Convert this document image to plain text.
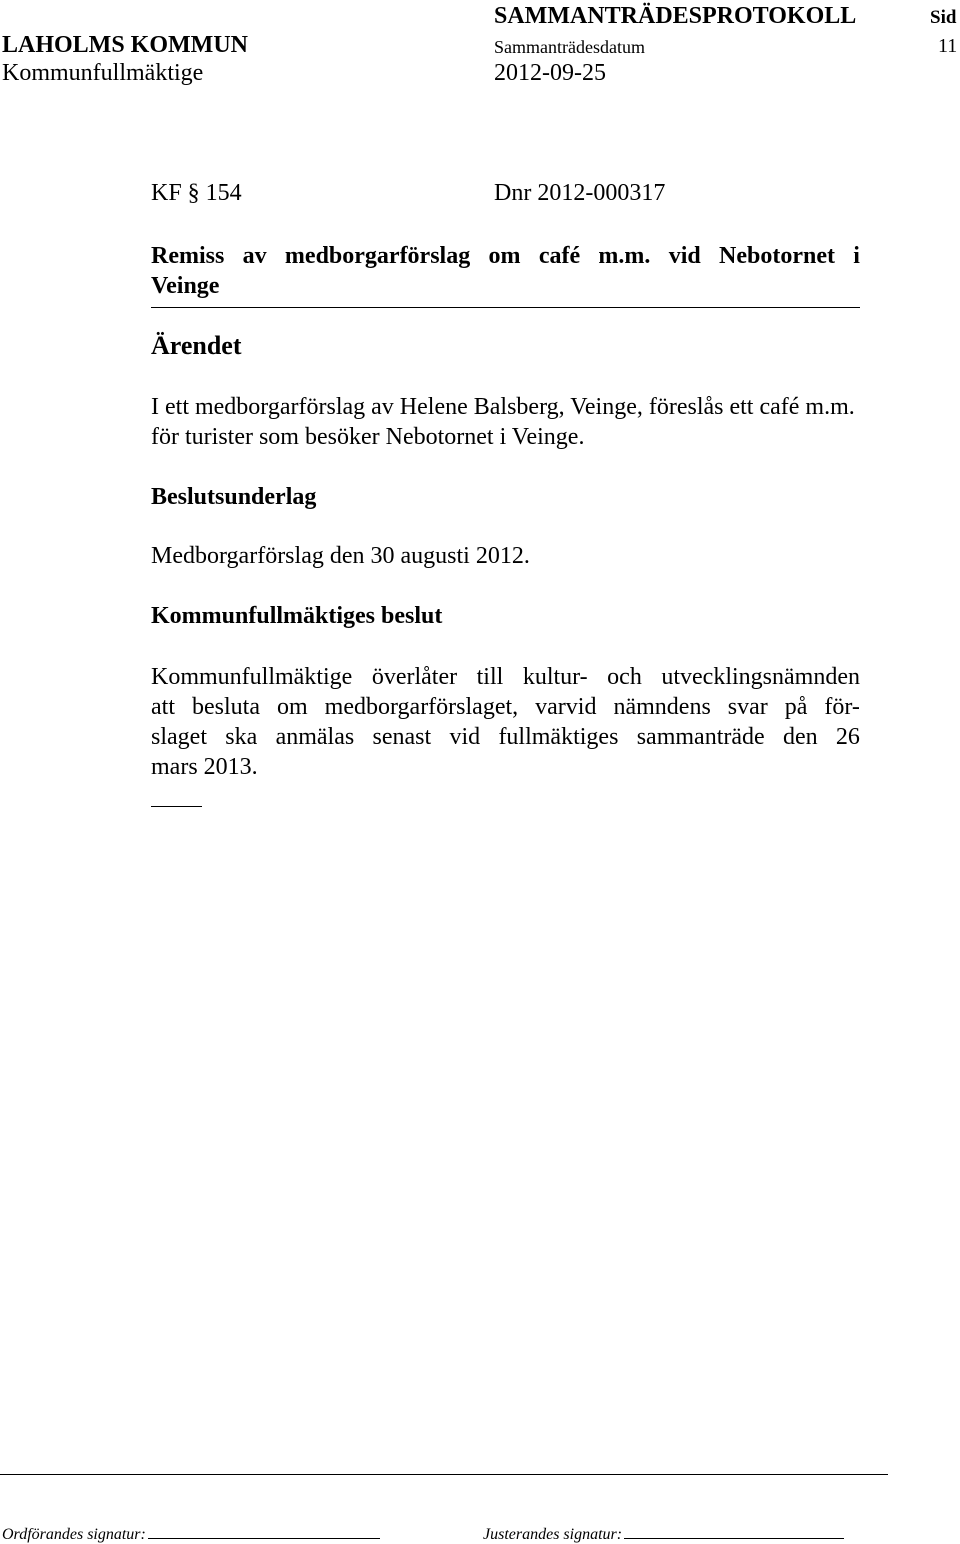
SAMMANTRÄDESPROTOKOLL	Sid
LAHOLMS KOMMUN	Sammanträdesdatum	11
Kommunfullmäktige	2012-09-25
KF § 154	Dnr 2012-000317
Remiss av medborgarförslag om café m.m. vid Nebotornet i
Veinge
Ärendet
I ett medborgarförslag av Helene Balsberg, Veinge, föreslås ett café m.m. för turister som besöker Nebotornet i Veinge.
Beslutsunderlag
Medborgarförslag den 30 augusti 2012.
Kommunfullmäktiges beslut
Kommunfullmäktige överlåter till kultur- och utvecklingsnämnden
att besluta om medborgarförslaget, varvid nämndens svar på för-
slaget ska anmälas senast vid fullmäktiges sammanträde den 26
mars 2013.
Ordförandes signatur:	Justerandes signatur:
